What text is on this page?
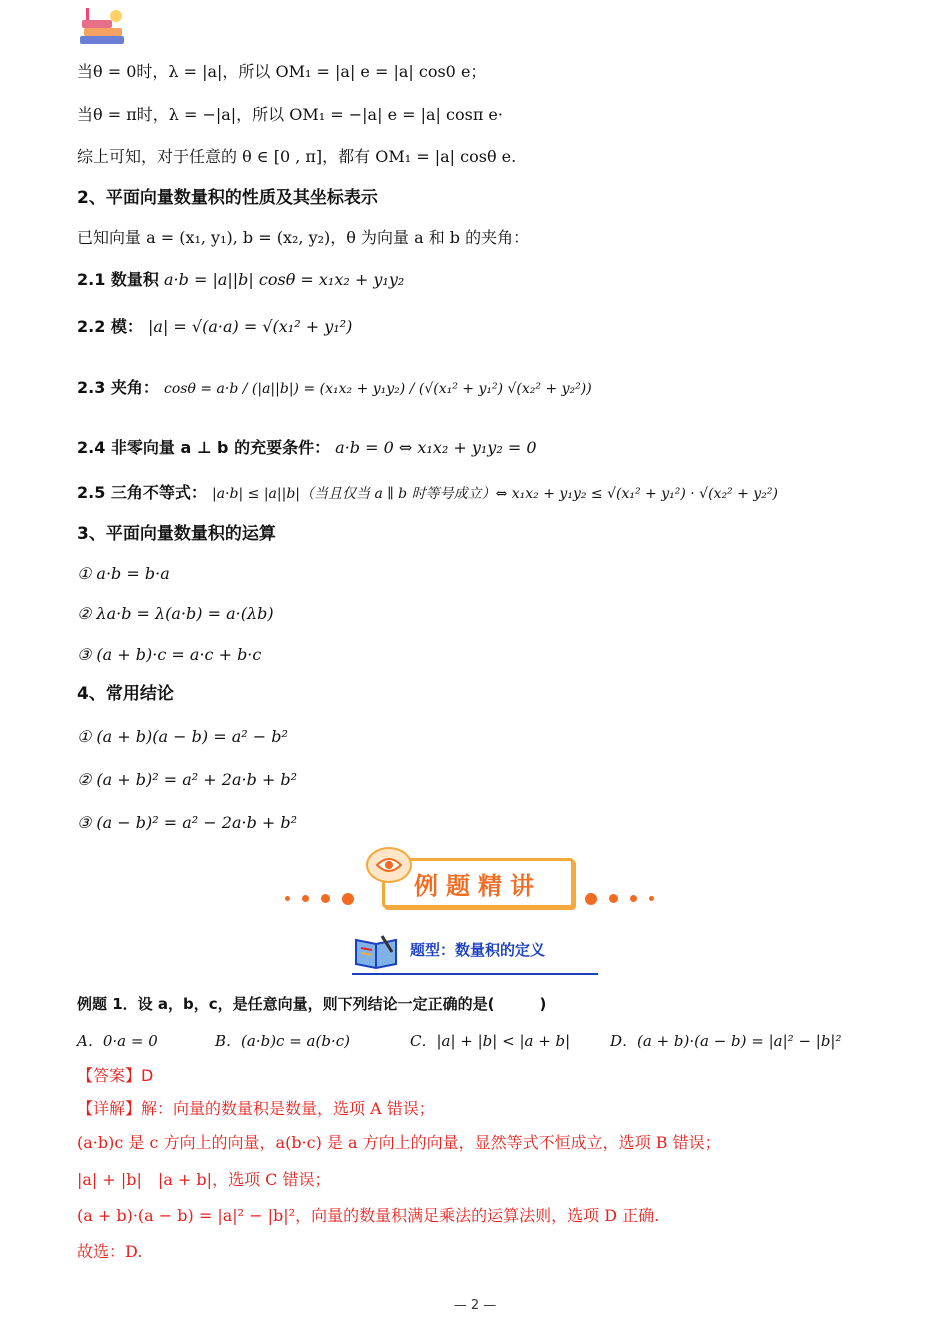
当θ = 0时，λ = |a|，所以 OM₁ = |a| e = |a| cos0 e；
当θ = π时，λ = −|a|，所以 OM₁ = −|a| e = |a| cosπ e·
综上可知，对于任意的 θ ∈ [0 , π]，都有 OM₁ = |a| cosθ e.
2、平面向量数量积的性质及其坐标表示
已知向量 a = (x₁, y₁), b = (x₂, y₂)，θ 为向量 a 和 b 的夹角：
2.1 数量积 a·b = |a||b| cosθ = x₁x₂ + y₁y₂
2.2 模： |a| = √(a·a) = √(x₁² + y₁²)
2.3 夹角： cosθ = a·b / (|a||b|) = (x₁x₂ + y₁y₂) / (√(x₁² + y₁²) √(x₂² + y₂²))
2.4 非零向量 a ⊥ b 的充要条件： a·b = 0 ⇔ x₁x₂ + y₁y₂ = 0
2.5 三角不等式： |a·b| ≤ |a||b|（当且仅当 a ∥ b 时等号成立）⇔ x₁x₂ + y₁y₂ ≤ √(x₁² + y₁²) · √(x₂² + y₂²)
3、平面向量数量积的运算
① a·b = b·a
② λa·b = λ(a·b) = a·(λb)
③ (a + b)·c = a·c + b·c
4、常用结论
① (a + b)(a − b) = a² − b²
② (a + b)² = a² + 2a·b + b²
③ (a − b)² = a² − 2a·b + b²
例题精讲
题型：数量积的定义
例题 1．设 a，b，c，是任意向量，则下列结论一定正确的是(　　　)
A．0·a = 0	B．(a·b)c = a(b·c)	C．|a| + |b| < |a + b|	D．(a + b)·(a − b) = |a|² − |b|²
【答案】D
【详解】解：向量的数量积是数量，选项 A 错误；
(a·b)c 是 c 方向上的向量，a(b·c) 是 a 方向上的向量，显然等式不恒成立，选项 B 错误；
|a| + |b|　|a + b|，选项 C 错误；
(a + b)·(a − b) = |a|² − |b|²，向量的数量积满足乘法的运算法则，选项 D 正确.
故选：D.
— 2 —
